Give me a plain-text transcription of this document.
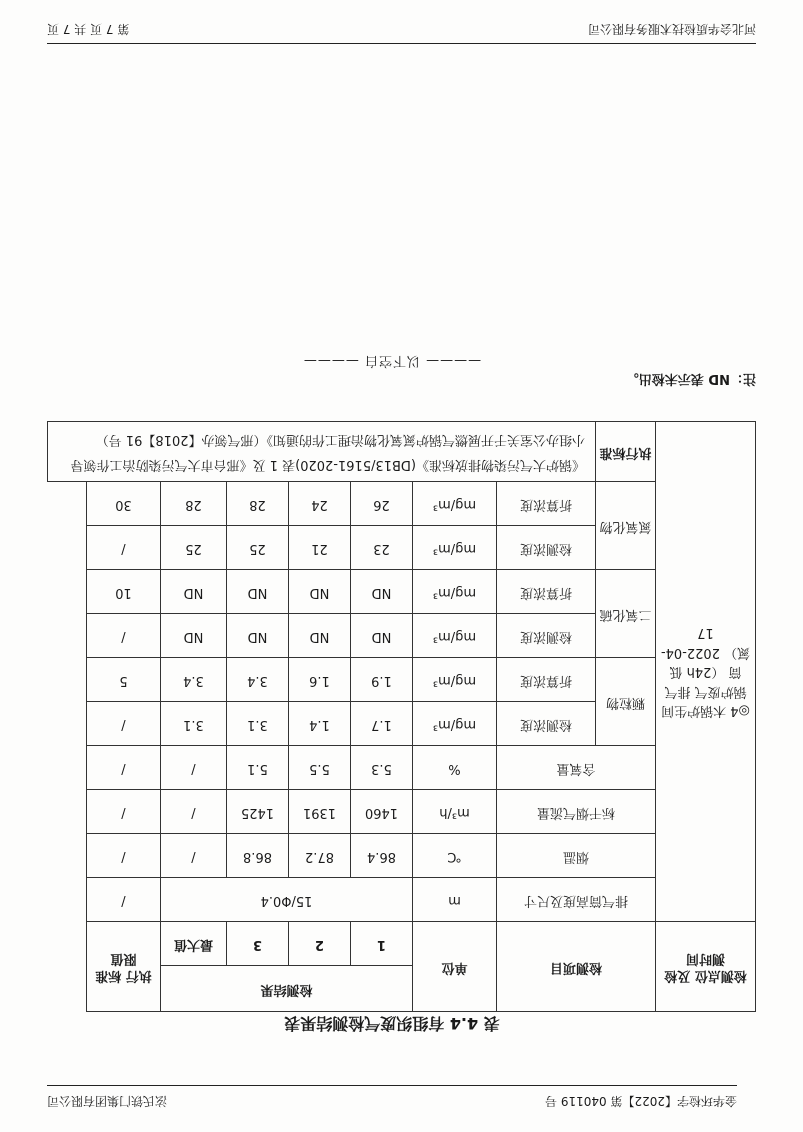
金华环检字【2022】第 040119 号
泫氏铁门集团有限公司
表 4.4 有组织废气检测结果表
检测点位 及检测时间	检测项目		单位	检测结果				执行 标准 限值
				1	2	3	最大值	
◎4 木锅炉生间 锅炉废气 排气筒 （24h 低氮） 2022-04-17	排气筒高度及尺寸		m	15/Φ0.4				/
	烟温		℃	86.4	87.2	86.8	/	/
	标干烟气流量		m³/h	1460	1391	1425	/	/
	含氧量		%	5.3	5.5	5.1	/	/
	颗粒物	检测浓度	mg/m³	1.7	1.4	3.1	3.1	/
		折算浓度	mg/m³	1.9	1.6	3.4	3.4	5
	二氧化硫	检测浓度	mg/m³	ND	ND	ND	ND	/
		折算浓度	mg/m³	ND	ND	ND	ND	10
	氮氧化物	检测浓度	mg/m³	23	21	25	25	/
		折算浓度	mg/m³	26	24	28	28	30
	执行标准	《锅炉大气污染物排放标准》(DB13/5161-2020)表 1 及《邢台市大气污染防治工作领导小组办公室关于开展燃气锅炉氮氧化物治理工作的通知》（邢气领办【2018】91 号）						
注：ND 表示未检出。
———— 以下空白 ————
河北会华质检技术服务有限公司
第 7 页 共 7 页
